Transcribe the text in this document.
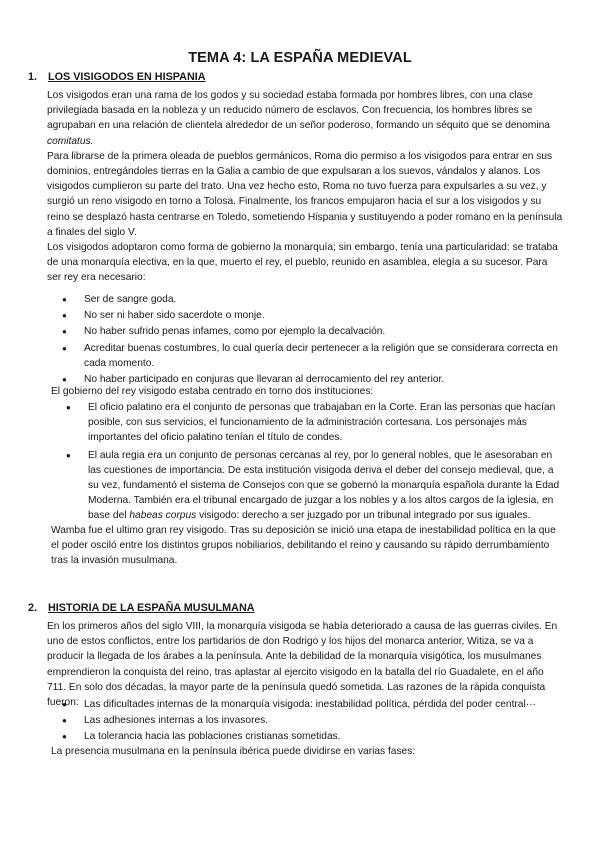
TEMA 4: LA ESPAÑA MEDIEVAL
1. LOS VISIGODOS EN HISPANIA

Los visigodos eran una rama de los godos y su sociedad estaba formada por hombres libres, con una clase privilegiada basada en la nobleza y un reducido número de esclavos. Con frecuencia, los hombres libres se agrupaban en una relación de clientela alrededor de un señor poderoso, formando un séquito que se denomina comitatus.

Para librarse de la primera oleada de pueblos germánicos, Roma dio permiso a los visigodos para entrar en sus dominios, entregándoles tierras en la Galia a cambio de que expulsaran a los suevos, vándalos y alanos. Los visigodos cumplieron su parte del trato. Una vez hecho esto, Roma no tuvo fuerza para expulsarles a su vez, y surgió un reno visigodo en torno a Tolosa. Finalmente, los francos empujaron hacia el sur a los visigodos y su reino se desplazó hasta centrarse en Toledo, sometiendo Hispania y sustituyendo a poder romano en la península a finales del siglo V.

Los visigodos adoptaron como forma de gobierno la monarquía; sin embargo, tenía una particularidad: se trataba de una monarquía electiva, en la que, muerto el rey, el pueblo, reunido en asamblea, elegía a su sucesor. Para ser rey era necesario:

● Ser de sangre goda.
● No ser ni haber sido sacerdote o monje.
● No haber sufrido penas infames, como por ejemplo la decalvación.
● Acreditar buenas costumbres, lo cual quería decir pertenecer a la religión que se considerara correcta en cada momento.
● No haber participado en conjuras que llevaran al derrocamiento del rey anterior.

El gobierno del rey visigodo estaba centrado en torno dos instituciones:

● El oficio palatino era el conjunto de personas que trabajaban en la Corte. Eran las personas que hacían posible, con sus servicios, el funcionamiento de la administración cortesana. Los personajes más importantes del oficio palatino tenían el título de condes.
● El aula regia era un conjunto de personas cercanas al rey, por lo general nobles, que le asesoraban en las cuestiones de importancia. De esta institución visigoda deriva el deber del consejo medieval, que, a su vez, fundamentó el sistema de Consejos con que se gobernó la monarquía española durante la Edad Moderna. También era el tribunal encargado de juzgar a los nobles y a los altos cargos de la iglesia, en base del habeas corpus visigodo: derecho a ser juzgado por un tribunal integrado por sus iguales.

Wamba fue el ultimo gran rey visigodo. Tras su deposición se inició una etapa de inestabilidad política en la que el poder osciló entre los distintos grupos nobiliarios, debilitando el reino y causando su rápido derrumbamiento tras la invasión musulmana.

2. HISTORIA DE LA ESPAÑA MUSULMANA

En los primeros años del siglo VIII, la monarquía visigoda se había deteriorado a causa de las guerras civiles. En uno de estos conflictos, entre los partidarios de don Rodrigo y los hijos del monarca anterior, Witiza, se va a producir la llegada de los árabes a la península. Ante la debilidad de la monarquía visigótica, los musulmanes emprendieron la conquista del reino, tras aplastar al ejercito visigodo en la batalla del río Guadalete, en el año 711. En solo dos décadas, la mayor parte de la península quedó sometida. Las razones de la rápida conquista fueron:

● Las dificultades internas de la monarquía visigoda: inestabilidad política, pérdida del poder central···
● Las adhesiones internas a los invasores.
● La tolerancia hacia las poblaciones cristianas sometidas.

La presencia musulmana en la península ibérica puede dividirse en varias fases:
